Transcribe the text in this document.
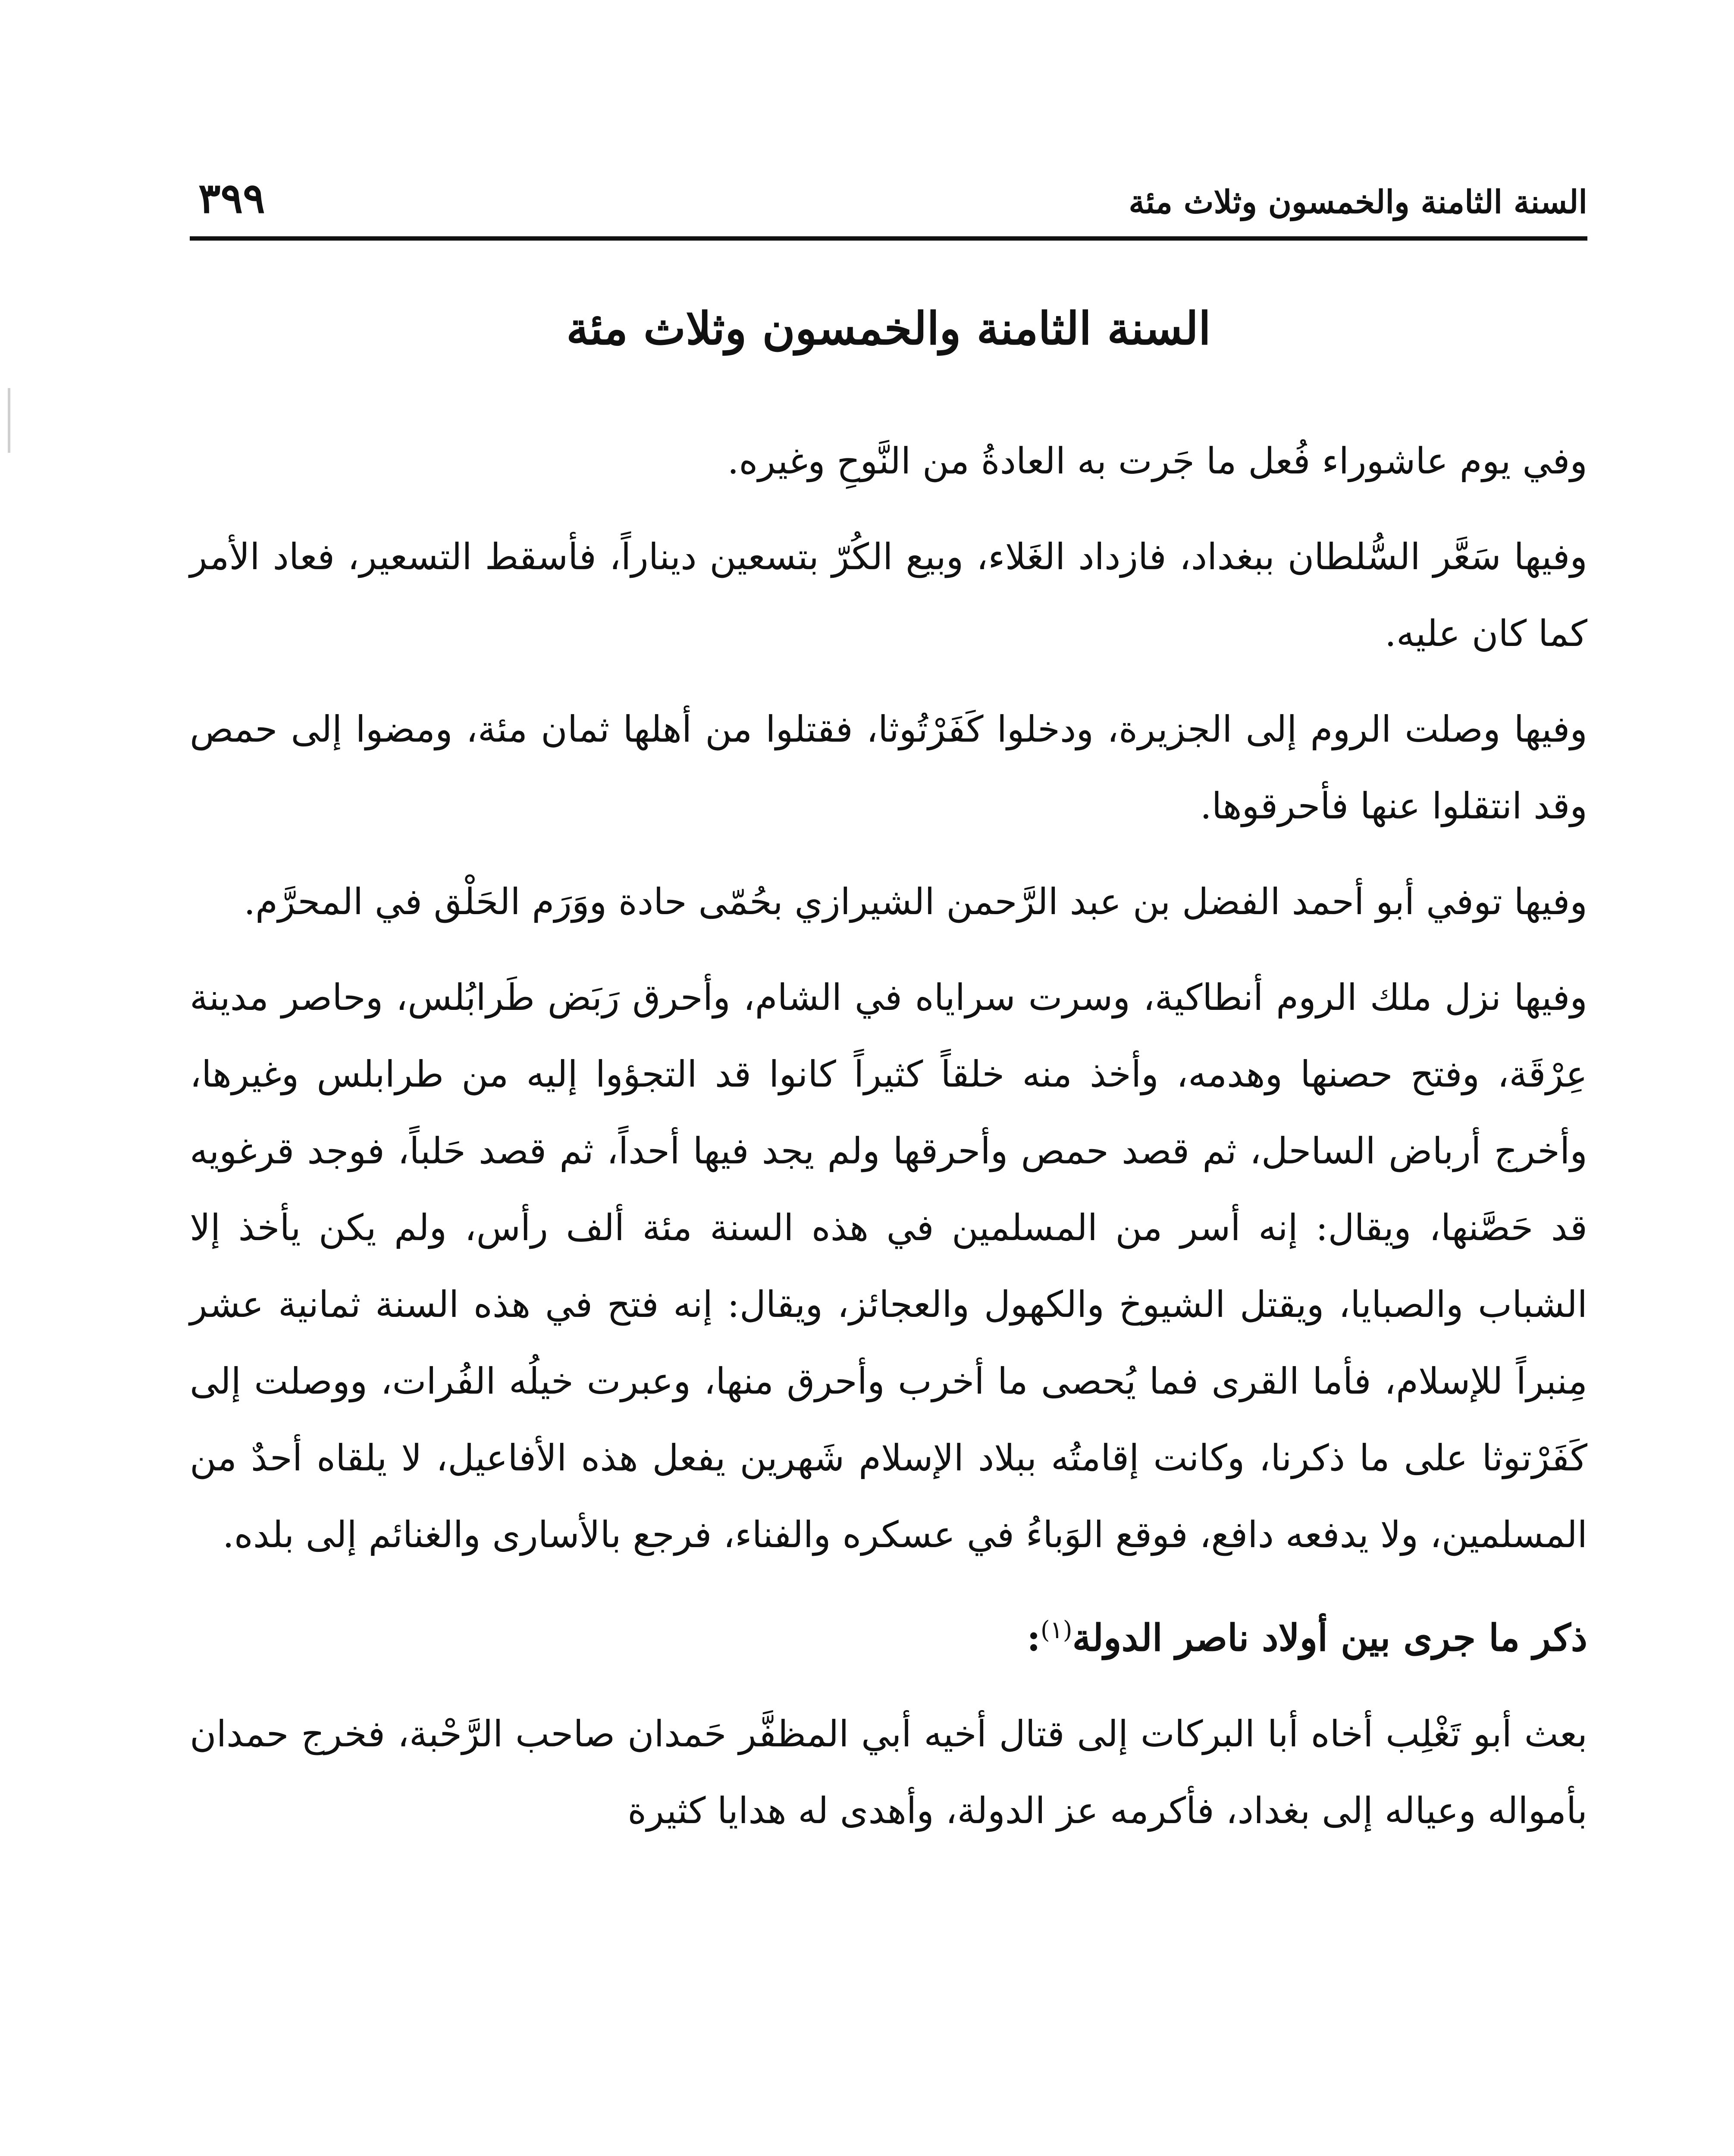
السنة الثامنة والخمسون وثلاث مئة
٣٩٩
السنة الثامنة والخمسون وثلاث مئة

وفي يوم عاشوراء فُعل ما جَرت به العادةُ من النَّوحِ وغيره.

وفيها سَعَّر السُّلطان ببغداد، فازداد الغَلاء، وبيع الكُرّ بتسعين ديناراً، فأسقط التسعير، فعاد الأمر كما كان عليه.

وفيها وصلت الروم إلى الجزيرة، ودخلوا كَفَرْتُوثا، فقتلوا من أهلها ثمان مئة، ومضوا إلى حمص وقد انتقلوا عنها فأحرقوها.

وفيها توفي أبو أحمد الفضل بن عبد الرَّحمن الشيرازي بحُمّى حادة ووَرَم الحَلْق في المحرَّم.

وفيها نزل ملك الروم أنطاكية، وسرت سراياه في الشام، وأحرق رَبَض طَرابُلس، وحاصر مدينة عِرْقَة، وفتح حصنها وهدمه، وأخذ منه خلقاً كثيراً كانوا قد التجؤوا إليه من طرابلس وغيرها، وأخرج أرباض الساحل، ثم قصد حمص وأحرقها ولم يجد فيها أحداً، ثم قصد حَلباً، فوجد قرغويه قد حَصَّنها، ويقال: إنه أسر من المسلمين في هذه السنة مئة ألف رأس، ولم يكن يأخذ إلا الشباب والصبايا، ويقتل الشيوخ والكهول والعجائز، ويقال: إنه فتح في هذه السنة ثمانية عشر مِنبراً للإسلام، فأما القرى فما يُحصى ما أخرب وأحرق منها، وعبرت خيلُه الفُرات، ووصلت إلى كَفَرْتوثا على ما ذكرنا، وكانت إقامتُه ببلاد الإسلام شَهرين يفعل هذه الأفاعيل، لا يلقاه أحدٌ من المسلمين، ولا يدفعه دافع، فوقع الوَباءُ في عسكره والفناء، فرجع بالأسارى والغنائم إلى بلده.

ذكر ما جرى بين أولاد ناصر الدولة$^{(١)}$:

بعث أبو تَغْلِب أخاه أبا البركات إلى قتال أخيه أبي المظفَّر حَمدان صاحب الرَّحْبة، فخرج حمدان بأمواله وعياله إلى بغداد، فأكرمه عز الدولة، وأهدى له هدايا كثيرة
